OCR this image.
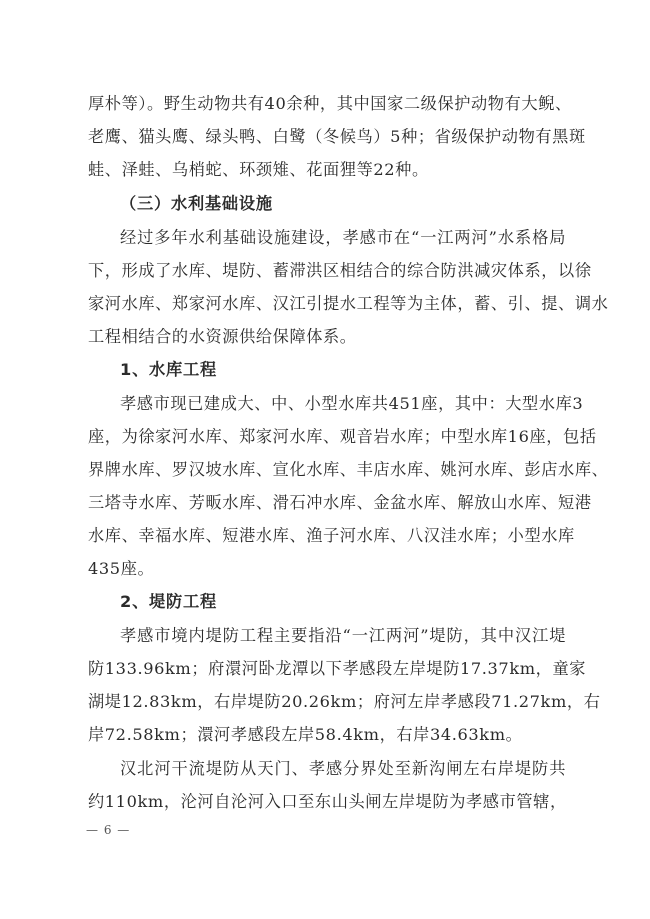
厚朴等）。野生动物共有40余种，其中国家二级保护动物有大鲵、
老鹰、猫头鹰、绿头鸭、白鹭（冬候鸟）5种；省级保护动物有黑斑
蛙、泽蛙、乌梢蛇、环颈雉、花面狸等22种。
（三）水利基础设施
经过多年水利基础设施建设，孝感市在“一江两河”水系格局
下，形成了水库、堤防、蓄滞洪区相结合的综合防洪减灾体系，以徐
家河水库、郑家河水库、汉江引提水工程等为主体，蓄、引、提、调水
工程相结合的水资源供给保障体系。
1、水库工程
孝感市现已建成大、中、小型水库共451座，其中：大型水库3
座，为徐家河水库、郑家河水库、观音岩水库；中型水库16座，包括
界牌水库、罗汉坡水库、宣化水库、丰店水库、姚河水库、彭店水库、
三塔寺水库、芳畈水库、滑石冲水库、金盆水库、解放山水库、短港
水库、幸福水库、短港水库、渔子河水库、八汉洼水库；小型水库
435座。
2、堤防工程
孝感市境内堤防工程主要指沿“一江两河”堤防，其中汉江堤
防133.96km；府澴河卧龙潭以下孝感段左岸堤防17.37km，童家
湖堤12.83km，右岸堤防20.26km；府河左岸孝感段71.27km，右
岸72.58km；澴河孝感段左岸58.4km，右岸34.63km。
汉北河干流堤防从天门、孝感分界处至新沟闸左右岸堤防共
约110km，沦河自沦河入口至东山头闸左岸堤防为孝感市管辖，
— 6 —
